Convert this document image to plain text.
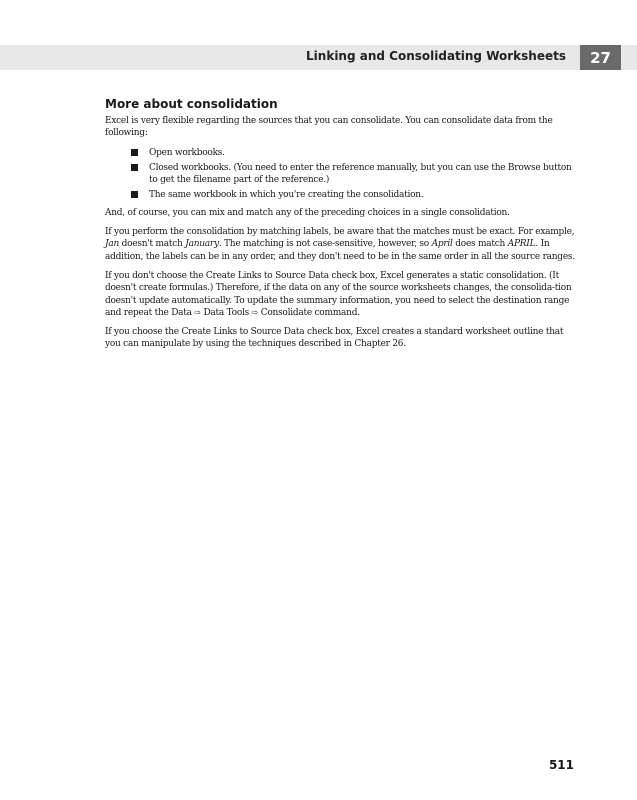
Linking and Consolidating Worksheets 27
More about consolidation

Excel is very flexible regarding the sources that you can consolidate. You can consolidate data from the following:

Open workbooks.
Closed workbooks. (You need to enter the reference manually, but you can use the Browse button to get the filename part of the reference.)
The same workbook in which you're creating the consolidation.

And, of course, you can mix and match any of the preceding choices in a single consolidation.

If you perform the consolidation by matching labels, be aware that the matches must be exact. For example, Jan doesn't match January. The matching is not case-sensitive, however, so April does match APRIL. In addition, the labels can be in any order, and they don't need to be in the same order in all the source ranges.

If you don't choose the Create Links to Source Data check box, Excel generates a static consolidation. (It doesn't create formulas.) Therefore, if the data on any of the source worksheets changes, the consolida-tion doesn't update automatically. To update the summary information, you need to select the destination range and repeat the Data ⇨ Data Tools ⇨ Consolidate command.

If you choose the Create Links to Source Data check box, Excel creates a standard worksheet outline that you can manipulate by using the techniques described in Chapter 26.

511
